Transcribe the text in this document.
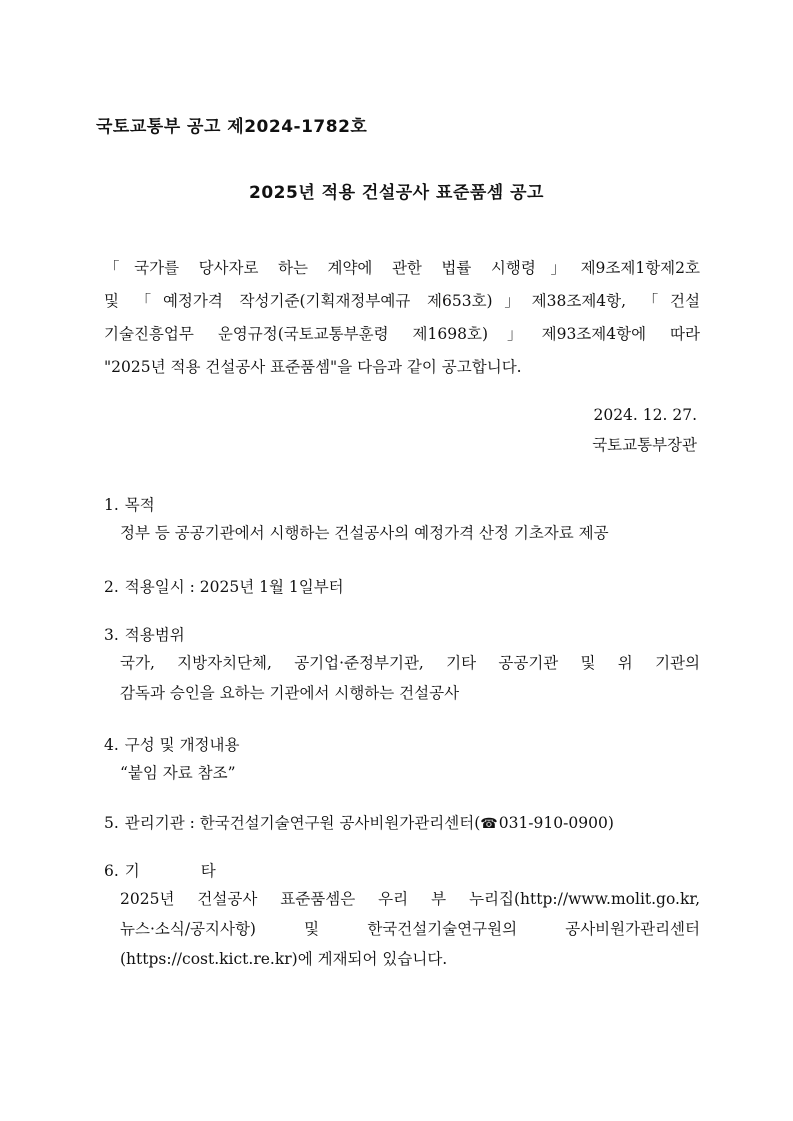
국토교통부 공고 제2024-1782호
2025년 적용 건설공사 표준품셈 공고
「국가를 당사자로 하는 계약에 관한 법률 시행령」제9조제1항제2호
및 「예정가격 작성기준(기획재정부예규 제653호)」제38조제4항, 「건설
기술진흥업무 운영규정(국토교통부훈령 제1698호)」제93조제4항에 따라
"2025년 적용 건설공사 표준품셈"을 다음과 같이 공고합니다.
2024. 12. 27.
국토교통부장관
1. 목적
정부 등 공공기관에서 시행하는 건설공사의 예정가격 산정 기초자료 제공
2. 적용일시 : 2025년 1월 1일부터
3. 적용범위
국가, 지방자치단체, 공기업·준정부기관, 기타 공공기관 및 위 기관의
감독과 승인을 요하는 기관에서 시행하는 건설공사
4. 구성 및 개정내용
“붙임 자료 참조”
5. 관리기관 : 한국건설기술연구원 공사비원가관리센터(☎031-910-0900)
6. 기 타
2025년 건설공사 표준품셈은 우리 부 누리집(http://www.molit.go.kr,
뉴스·소식/공지사항) 및 한국건설기술연구원의 공사비원가관리센터
(https://cost.kict.re.kr)에 게재되어 있습니다.
